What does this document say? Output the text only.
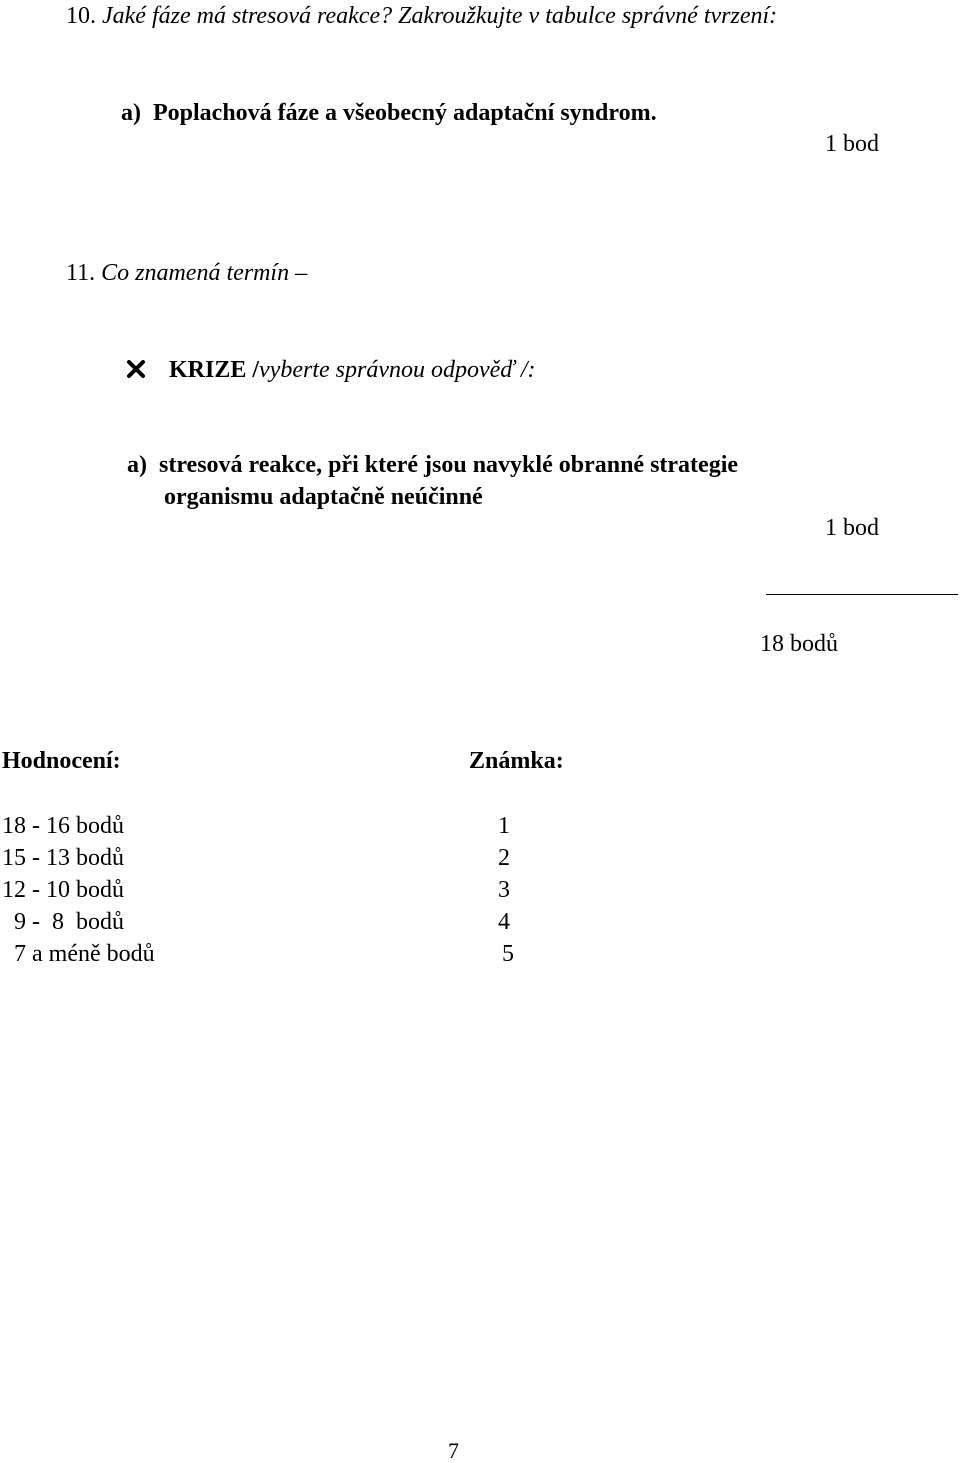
10. Jaké fáze má stresová reakce? Zakroužkujte v tabulce správné tvrzení:
a) Poplachová fáze a všeobecný adaptační syndrom.
1 bod
11. Co znamená termín –
KRIZE /vyberte správnou odpověď /:
a) stresová reakce, při které jsou navyklé obranné strategie
organismu adaptačně neúčinné
1 bod
18 bodů
Hodnocení:	Známka:
18 - 16 bodů	1
15 - 13 bodů	2
12 - 10 bodů	3
9 -  8  bodů	4
7 a méně bodů	5
7
